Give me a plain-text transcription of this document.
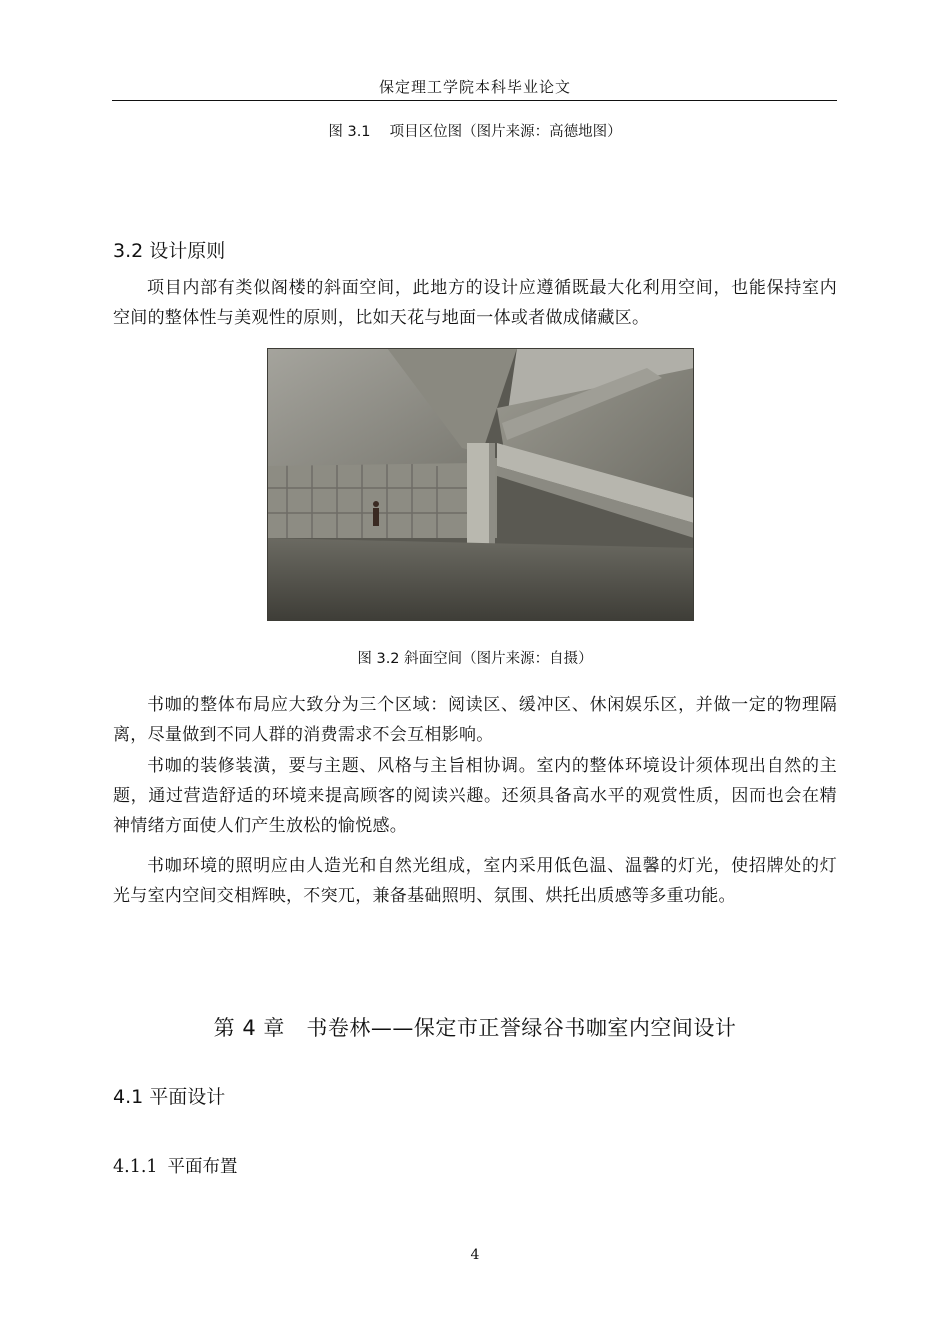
保定理工学院本科毕业论文
图 3.1　 项目区位图（图片来源：高德地图）
3.2 设计原则
项目内部有类似阁楼的斜面空间，此地方的设计应遵循既最大化利用空间，也能保持室内空间的整体性与美观性的原则，比如天花与地面一体或者做成储藏区。
图 3.2 斜面空间（图片来源：自摄）
书咖的整体布局应大致分为三个区域：阅读区、缓冲区、休闲娱乐区，并做一定的物理隔离，尽量做到不同人群的消费需求不会互相影响。
书咖的装修装潢，要与主题、风格与主旨相协调。室内的整体环境设计须体现出自然的主题，通过营造舒适的环境来提高顾客的阅读兴趣。还须具备高水平的观赏性质，因而也会在精神情绪方面使人们产生放松的愉悦感。
书咖环境的照明应由人造光和自然光组成，室内采用低色温、温馨的灯光，使招牌处的灯光与室内空间交相辉映，不突兀，兼备基础照明、氛围、烘托出质感等多重功能。
第 4 章　书卷林——保定市正誉绿谷书咖室内空间设计
4.1 平面设计
4.1.1 平面布置
4
